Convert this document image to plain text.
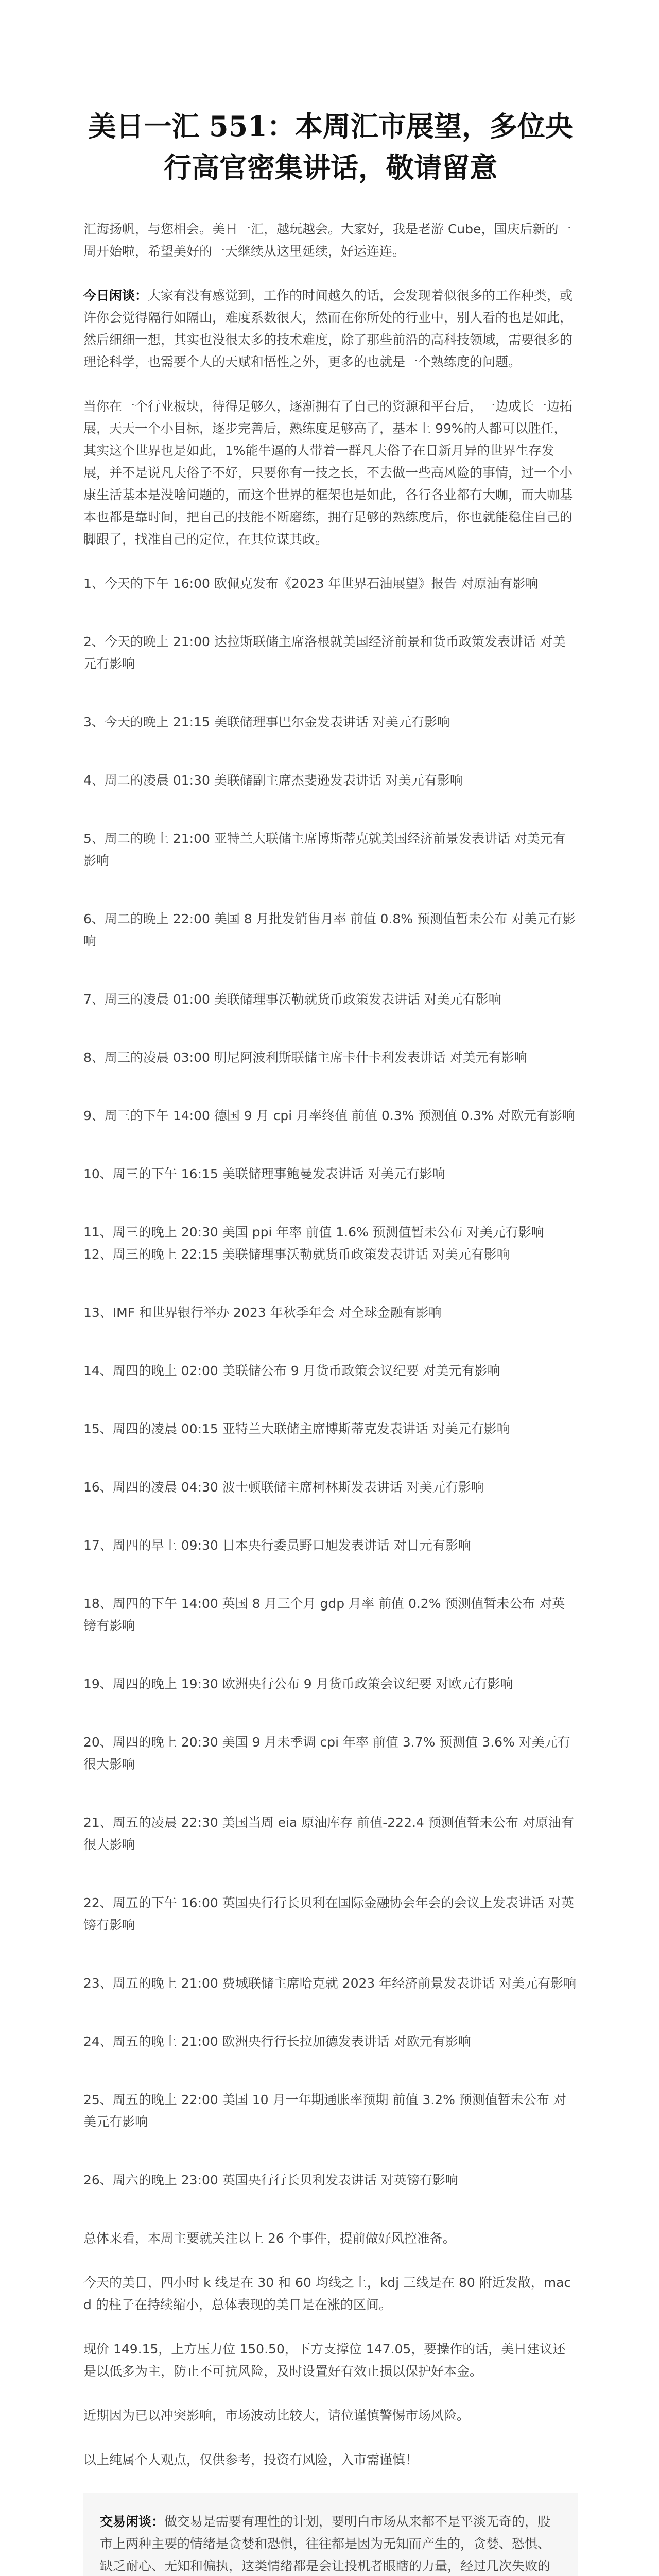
美日一汇 551：本周汇市展望，多位央行高官密集讲话，敬请留意

汇海扬帆，与您相会。美日一汇，越玩越会。大家好，我是老游 Cube，国庆后新的一周开始啦，希望美好的一天继续从这里延续，好运连连。

今日闲谈：大家有没有感觉到，工作的时间越久的话，会发现着似很多的工作种类，或许你会觉得隔行如隔山，难度系数很大，然而在你所处的行业中，别人看的也是如此，然后细细一想，其实也没很太多的技术难度，除了那些前沿的高科技领域，需要很多的理论科学，也需要个人的天赋和悟性之外，更多的也就是一个熟练度的问题。

当你在一个行业板块，待得足够久，逐渐拥有了自己的资源和平台后，一边成长一边拓展，天天一个小目标，逐步完善后，熟练度足够高了，基本上 99%的人都可以胜任，其实这个世界也是如此，1%能牛逼的人带着一群凡夫俗子在日新月异的世界生存发展，并不是说凡夫俗子不好，只要你有一技之长，不去做一些高风险的事情，过一个小康生活基本是没啥问题的，而这个世界的框架也是如此，各行各业都有大咖，而大咖基本也都是靠时间，把自己的技能不断磨练，拥有足够的熟练度后，你也就能稳住自己的脚跟了，找准自己的定位，在其位谋其政。

1、今天的下午 16:00 欧佩克发布《2023 年世界石油展望》报告 对原油有影响

2、今天的晚上 21:00 达拉斯联储主席洛根就美国经济前景和货币政策发表讲话 对美元有影响

3、今天的晚上 21:15 美联储理事巴尔金发表讲话 对美元有影响

4、周二的凌晨 01:30 美联储副主席杰斐逊发表讲话 对美元有影响

5、周二的晚上 21:00 亚特兰大联储主席博斯蒂克就美国经济前景发表讲话 对美元有影响

6、周二的晚上 22:00 美国 8 月批发销售月率 前值 0.8% 预测值暂未公布 对美元有影响

7、周三的凌晨 01:00 美联储理事沃勒就货币政策发表讲话 对美元有影响

8、周三的凌晨 03:00 明尼阿波利斯联储主席卡什卡利发表讲话 对美元有影响

9、周三的下午 14:00 德国 9 月 cpi 月率终值 前值 0.3% 预测值 0.3% 对欧元有影响

10、周三的下午 16:15 美联储理事鲍曼发表讲话 对美元有影响

11、周三的晚上 20:30 美国 ppi 年率 前值 1.6% 预测值暂未公布 对美元有影响

12、周三的晚上 22:15 美联储理事沃勒就货币政策发表讲话 对美元有影响

13、IMF 和世界银行举办 2023 年秋季年会 对全球金融有影响

14、周四的晚上 02:00 美联储公布 9 月货币政策会议纪要 对美元有影响

15、周四的凌晨 00:15 亚特兰大联储主席博斯蒂克发表讲话 对美元有影响

16、周四的凌晨 04:30 波士顿联储主席柯林斯发表讲话 对美元有影响

17、周四的早上 09:30 日本央行委员野口旭发表讲话 对日元有影响

18、周四的下午 14:00 英国 8 月三个月 gdp 月率 前值 0.2% 预测值暂未公布 对英镑有影响

19、周四的晚上 19:30 欧洲央行公布 9 月货币政策会议纪要 对欧元有影响

20、周四的晚上 20:30 美国 9 月未季调 cpi 年率 前值 3.7% 预测值 3.6% 对美元有很大影响

21、周五的凌晨 22:30 美国当周 eia 原油库存 前值-222.4 预测值暂未公布 对原油有很大影响

22、周五的下午 16:00 英国央行行长贝利在国际金融协会年会的会议上发表讲话 对英镑有影响

23、周五的晚上 21:00 费城联储主席哈克就 2023 年经济前景发表讲话 对美元有影响

24、周五的晚上 21:00 欧洲央行行长拉加德发表讲话 对欧元有影响

25、周五的晚上 22:00 美国 10 月一年期通胀率预期 前值 3.2% 预测值暂未公布 对美元有影响

26、周六的晚上 23:00 英国央行行长贝利发表讲话 对英镑有影响

总体来看，本周主要就关注以上 26 个事件，提前做好风控准备。

今天的美日，四小时 k 线是在 30 和 60 均线之上，kdj 三线是在 80 附近发散，macd 的柱子在持续缩小，总体表现的美日是在涨的区间。

现价 149.15，上方压力位 150.50，下方支撑位 147.05，要操作的话，美日建议还是以低多为主，防止不可抗风险，及时设置好有效止损以保护好本金。

近期因为已以冲突影响，市场波动比较大，请位谨慎警惕市场风险。

以上纯属个人观点，仅供参考，投资有风险，入市需谨慎！

交易闲谈：做交易是需要有理性的计划，要明白市场从来都不是平淡无奇的，股市上两种主要的情绪是贪婪和恐惧，往往都是因为无知而产生的，贪婪、恐惧、缺乏耐心、无知和偏执，这类情绪都是会让投机者眼瞎的力量，经过几次失败的
